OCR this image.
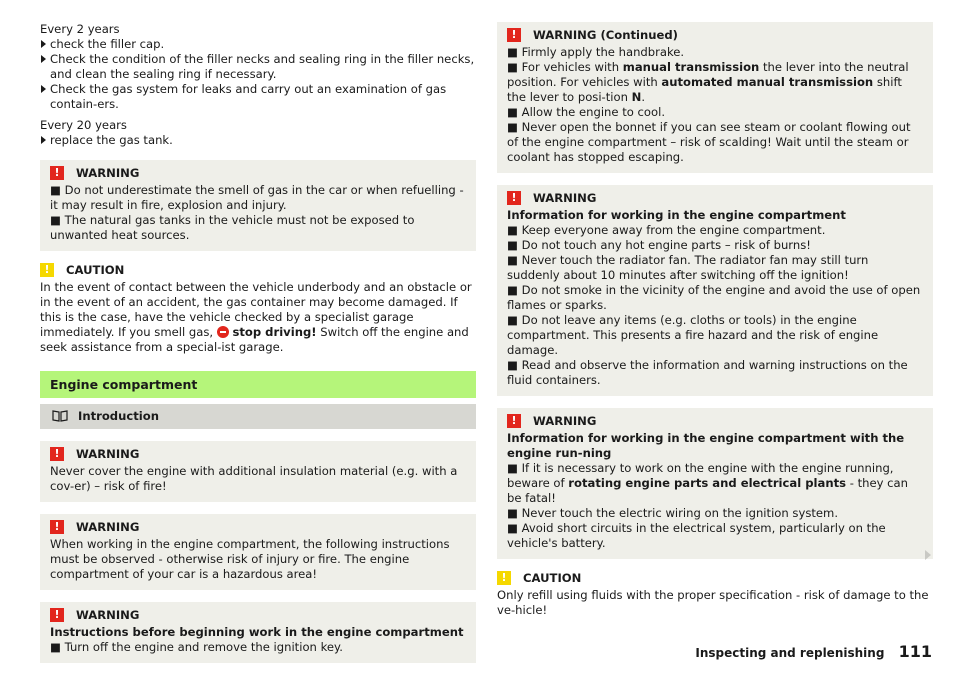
Every 2 years

check the filler cap.

Check the condition of the filler necks and sealing ring in the filler necks, and clean the sealing ring if necessary.

Check the gas system for leaks and carry out an examination of gas contain-ers.

Every 20 years

replace the gas tank.

!	WARNING

■ Do not underestimate the smell of gas in the car or when refuelling - it may result in fire, explosion and injury.

■ The natural gas tanks in the vehicle must not be exposed to unwanted heat sources.

!	CAUTION

In the event of contact between the vehicle underbody and an obstacle or in the event of an accident, the gas container may become damaged. If this is the case, have the vehicle checked by a specialist garage immediately. If you smell gas, stop driving! Switch off the engine and seek assistance from a special-ist garage.

Engine compartment
Introduction
!	WARNING

Never cover the engine with additional insulation material (e.g. with a cov-er) – risk of fire!

!	WARNING

When working in the engine compartment, the following instructions must be observed - otherwise risk of injury or fire. The engine compartment of your car is a hazardous area!

!	WARNING

Instructions before beginning work in the engine compartment

■ Turn off the engine and remove the ignition key.

!	WARNING (Continued)

■ Firmly apply the handbrake.

■ For vehicles with manual transmission the lever into the neutral position. For vehicles with automated manual transmission shift the lever to posi-tion N.

■ Allow the engine to cool.

■ Never open the bonnet if you can see steam or coolant flowing out of the engine compartment – risk of scalding! Wait until the steam or coolant has stopped escaping.

!	WARNING

Information for working in the engine compartment

■ Keep everyone away from the engine compartment.

■ Do not touch any hot engine parts – risk of burns!

■ Never touch the radiator fan. The radiator fan may still turn suddenly about 10 minutes after switching off the ignition!

■ Do not smoke in the vicinity of the engine and avoid the use of open flames or sparks.

■ Do not leave any items (e.g. cloths or tools) in the engine compartment. This presents a fire hazard and the risk of engine damage.

■ Read and observe the information and warning instructions on the fluid containers.

!	WARNING

Information for working in the engine compartment with the engine run-ning

■ If it is necessary to work on the engine with the engine running, beware of rotating engine parts and electrical plants - they can be fatal!

■ Never touch the electric wiring on the ignition system.

■ Avoid short circuits in the electrical system, particularly on the vehicle's battery.

!	CAUTION

Only refill using fluids with the proper specification - risk of damage to the ve-hicle!

Inspecting and replenishing 111
